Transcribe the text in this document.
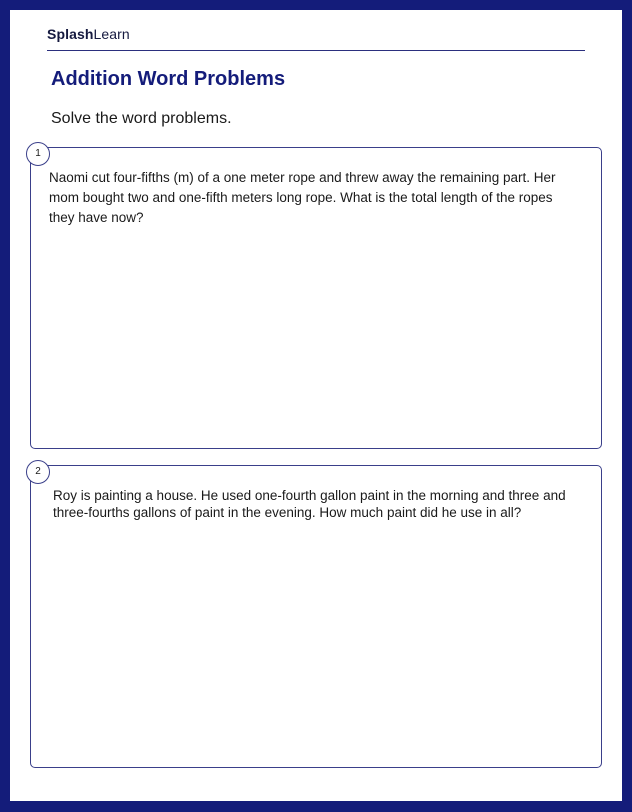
SplashLearn
Addition Word Problems
Solve the word problems.
1

Naomi cut four-fifths (m) of a one meter rope and threw away the remaining part. Her mom bought two and one-fifth meters long rope. What is the total length of the ropes they have now?

2

Roy is painting a house. He used one-fourth gallon paint in the morning and three and three-fourths gallons of paint in the evening. How much paint did he use in all?
